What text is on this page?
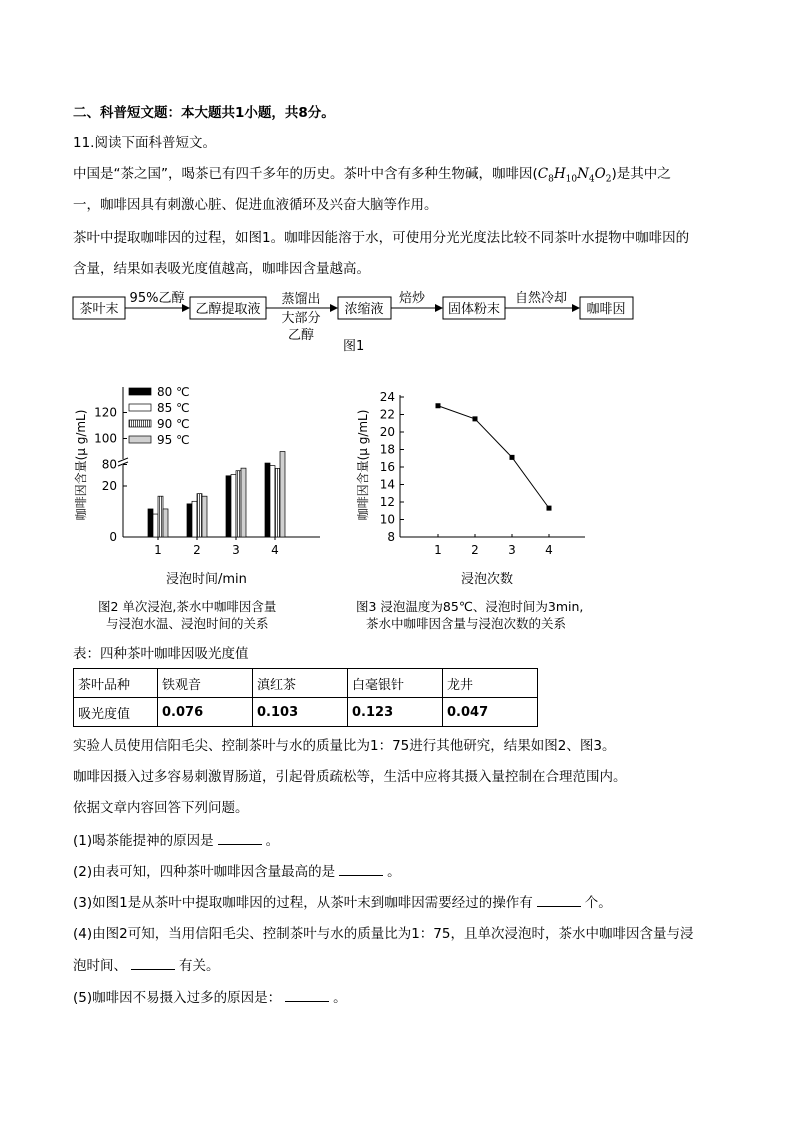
二、科普短文题：本大题共1小题，共8分。
11.阅读下面科普短文。
中国是“茶之国”，喝茶已有四千多年的历史。茶叶中含有多种生物碱，咖啡因$(C_8H_{10}N_4O_2)$是其中之
一，咖啡因具有刺激心脏、促进血液循环及兴奋大脑等作用。
茶叶中提取咖啡因的过程，如图1。咖啡因能溶于水，可使用分光光度法比较不同茶叶水提物中咖啡因的
含量，结果如表吸光度值越高，咖啡因含量越高。
茶叶末
95%乙醇
乙醇提取液
蒸馏出
大部分
乙醇
浓缩液
焙炒
固体粉末
自然冷却
咖啡因
图1
咖啡因含量(μ g/mL)
0
20
80
100
120
1	2	3	4
80 ℃
85 ℃
90 ℃
95 ℃
浸泡时间/min
图2 单次浸泡,茶水中咖啡因含量
与浸泡水温、浸泡时间的关系
咖啡因含量(μ g/mL)
8
10
12
14
16
18
20
22
24
1 2 3 4
浸泡次数
图3 浸泡温度为85℃、浸泡时间为3min,
茶水中咖啡因含量与浸泡次数的关系
表：四种茶叶咖啡因吸光度值
茶叶品种	铁观音	滇红茶	白毫银针	龙井
吸光度值	0.076	0.103	0.123	0.047
实验人员使用信阳毛尖、控制茶叶与水的质量比为1：75进行其他研究，结果如图2、图3。
咖啡因摄入过多容易刺激胃肠道，引起骨质疏松等，生活中应将其摄入量控制在合理范围内。
依据文章内容回答下列问题。
(1)喝茶能提神的原因是	。
(2)由表可知，四种茶叶咖啡因含量最高的是	。
(3)如图1是从茶叶中提取咖啡因的过程，从茶叶末到咖啡因需要经过的操作有	个。
(4)由图2可知，当用信阳毛尖、控制茶叶与水的质量比为1：75，且单次浸泡时，茶水中咖啡因含量与浸
泡时间、	有关。
(5)咖啡因不易摄入过多的原因是：	。
